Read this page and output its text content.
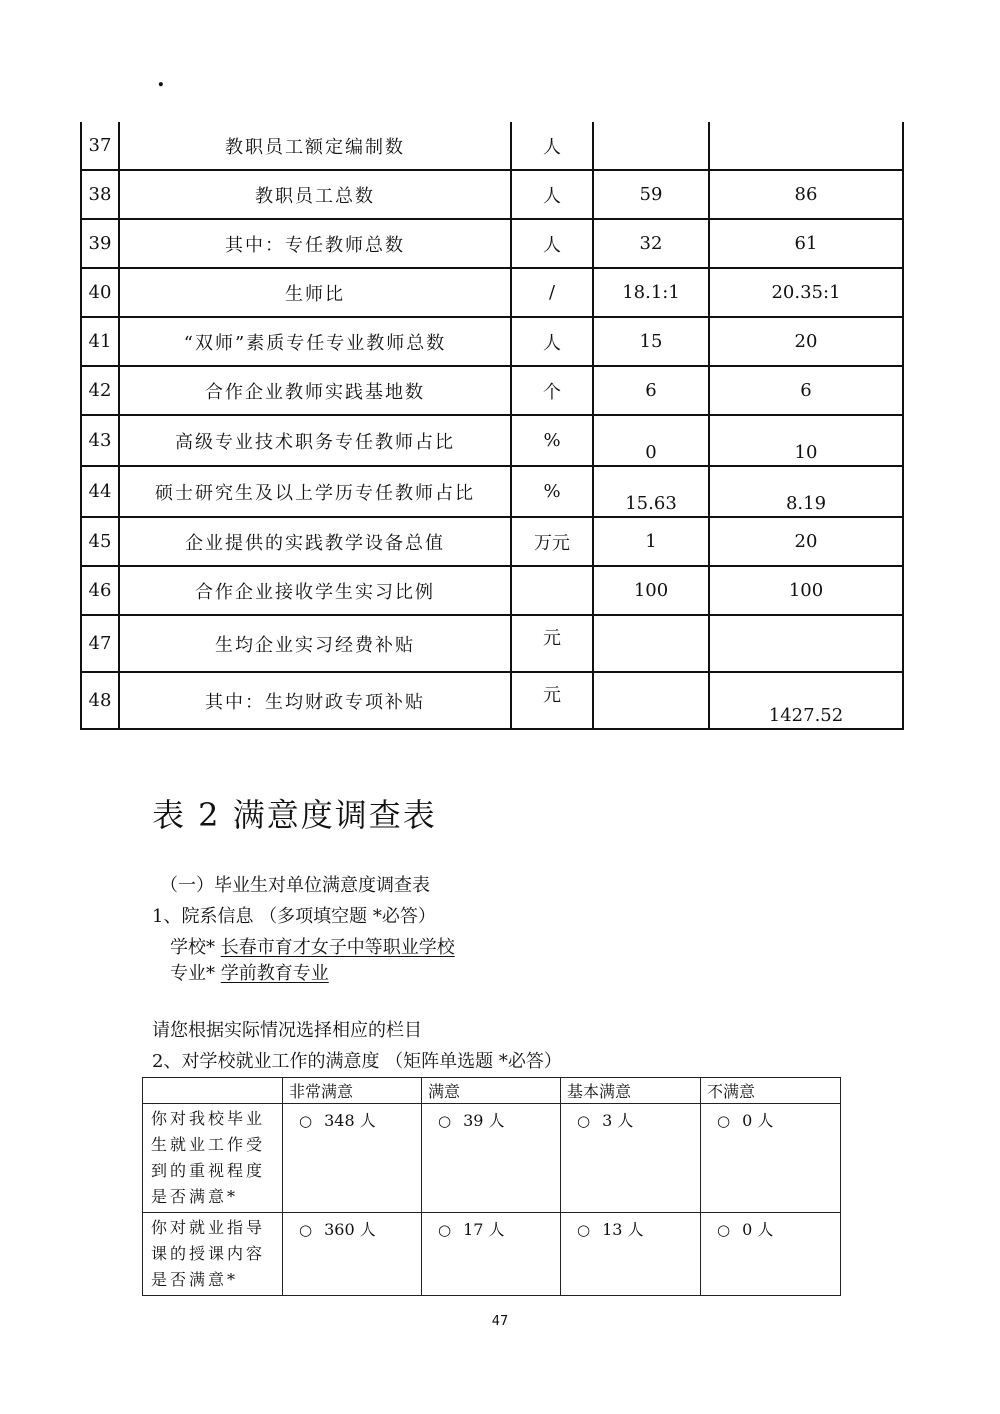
.
37	教职员工额定编制数	人		
38	教职员工总数	人	59	86
39	其中：专任教师总数	人	32	61
40	生师比	/	18.1:1	20.35:1
41	“双师”素质专任专业教师总数	人	15	20
42	合作企业教师实践基地数	个	6	6
43	高级专业技术职务专任教师占比	%	0	10
44	硕士研究生及以上学历专任教师占比	%	15.63	8.19
45	企业提供的实践教学设备总值	万元	1	20
46	合作企业接收学生实习比例		100	100
47	生均企业实习经费补贴	元		
48	其中：生均财政专项补贴	元		1427.52
表 2 满意度调查表
（一）毕业生对单位满意度调查表
1、院系信息 （多项填空题 *必答）
学校* 长春市育才女子中等职业学校
专业* 学前教育专业
请您根据实际情况选择相应的栏目
2、对学校就业工作的满意度 （矩阵单选题 *必答）
	非常满意	满意	基本满意	不满意
你对我校毕业生就业工作受到的重视程度是否满意*	○ 348 人	○ 39 人	○ 3 人	○ 0 人
你对就业指导课的授课内容是否满意*	○ 360 人	○ 17 人	○ 13 人	○ 0 人
47
